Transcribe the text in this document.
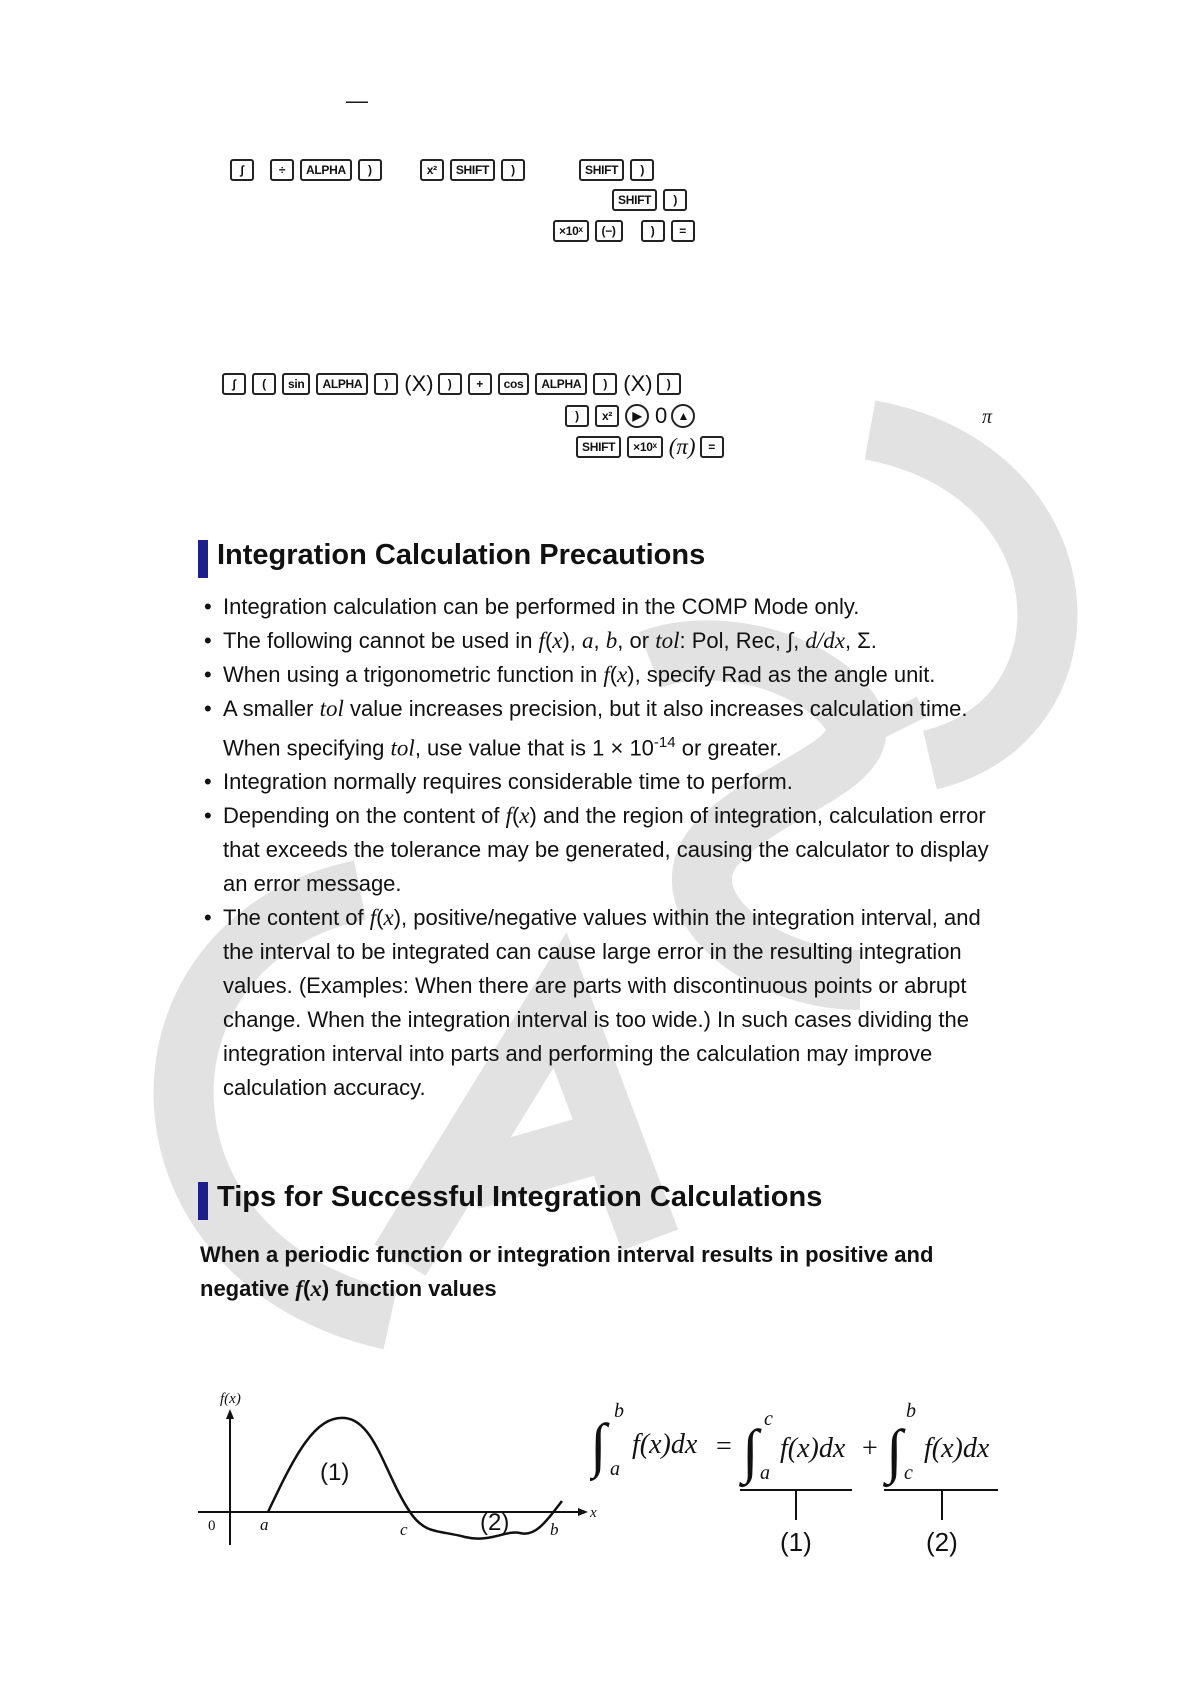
—
∫	÷	ALPHA	)	x²	SHIFT	)	SHIFT	)
SHIFT	)
×10ˣ	(−)	)	=
∫	(	sin	ALPHA	) (X)	)	+	cos	ALPHA	) (X)	)
)	x²	▶ 0 ▲
SHIFT	×10ˣ (π)	=
π
Integration Calculation Precautions
• Integration calculation can be performed in the COMP Mode only.
• The following cannot be used in f(x), a, b, or tol: Pol, Rec, ∫, d/dx, Σ.
• When using a trigonometric function in f(x), specify Rad as the angle unit.
• A smaller tol value increases precision, but it also increases calculation time. When specifying tol, use value that is $1 \times 10^{-14}$ or greater.
• Integration normally requires considerable time to perform.
• Depending on the content of f(x) and the region of integration, calculation error that exceeds the tolerance may be generated, causing the calculator to display an error message.
• The content of f(x), positive/negative values within the integration interval, and the interval to be integrated can cause large error in the resulting integration values. (Examples: When there are parts with discontinuous points or abrupt change. When the integration interval is too wide.) In such cases dividing the integration interval into parts and performing the calculation may improve calculation accuracy.
Tips for Successful Integration Calculations
When a periodic function or integration interval results in positive and negative f(x) function values
f(x)
x
0	a	c	b
(1)
(2)
∫
b
a
f(x)dx = ∫ c
a
f(x)dx + ∫
b
c
f(x)dx
(1)	(2)
